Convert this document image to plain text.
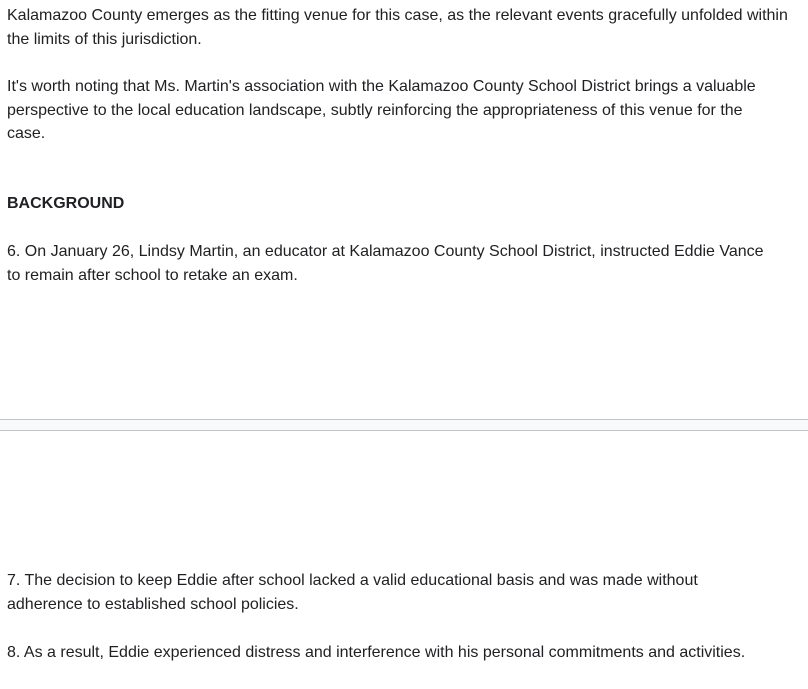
Kalamazoo County emerges as the fitting venue for this case, as the relevant events gracefully unfolded within the limits of this jurisdiction.

It's worth noting that Ms. Martin's association with the Kalamazoo County School District brings a valuable perspective to the local education landscape, subtly reinforcing the appropriateness of this venue for the case.

BACKGROUND

6. On January 26, Lindsy Martin, an educator at Kalamazoo County School District, instructed Eddie Vance to remain after school to retake an exam.

7. The decision to keep Eddie after school lacked a valid educational basis and was made without adherence to established school policies.

8. As a result, Eddie experienced distress and interference with his personal commitments and activities.
